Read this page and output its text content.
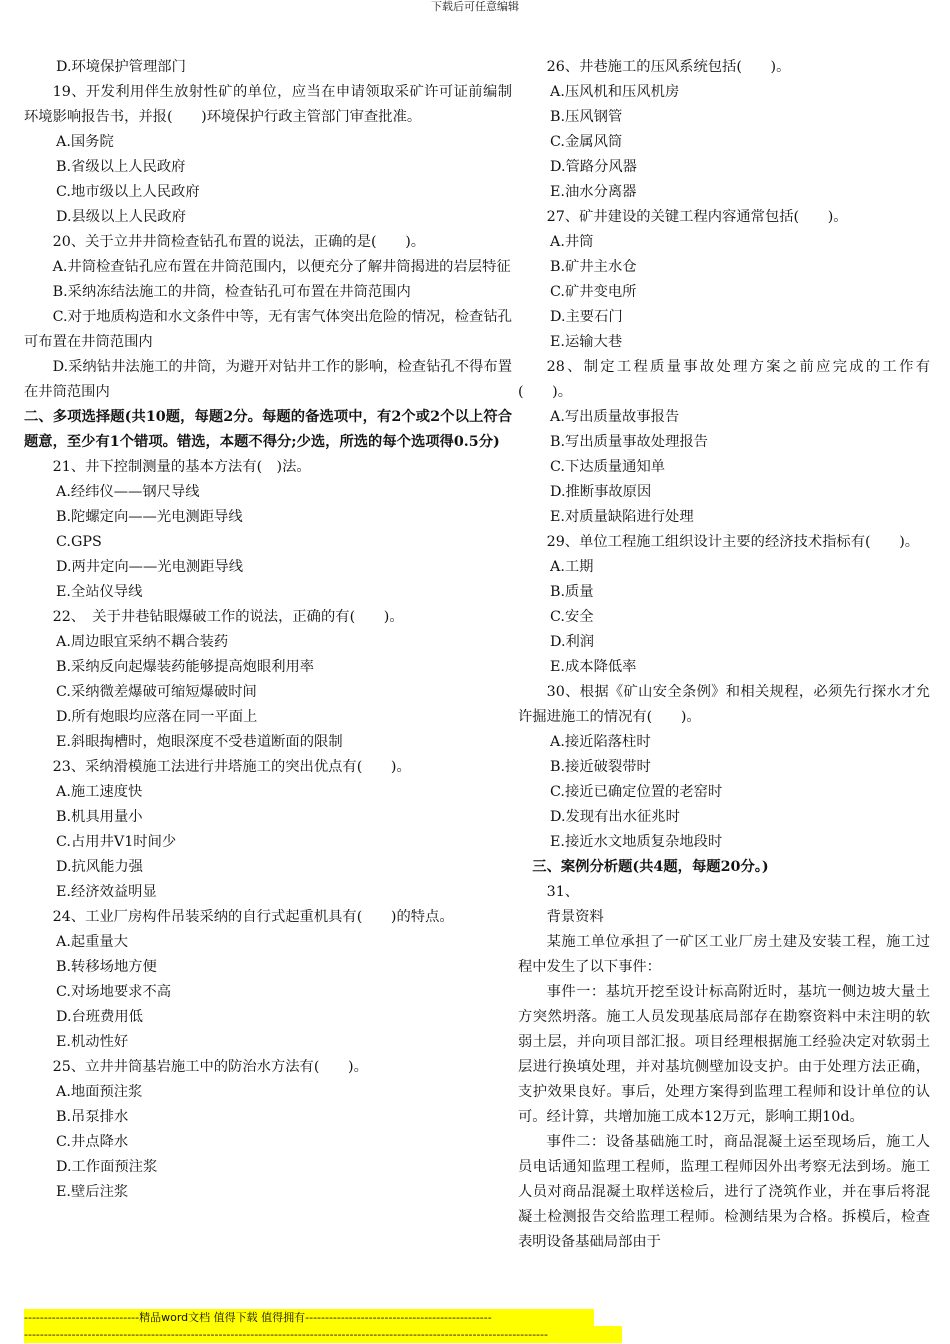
下载后可任意编辑

D.环境保护管理部门

19、开发利用伴生放射性矿的单位，应当在申请领取采矿许可证前编制环境影响报告书，并报(　　)环境保护行政主管部门审查批准。

A.国务院

B.省级以上人民政府

C.地市级以上人民政府

D.县级以上人民政府

20、关于立井井筒检查钻孔布置的说法，正确的是(　　)。

A.井筒检查钻孔应布置在井筒范围内，以便充分了解井筒揭进的岩层特征

B.采纳冻结法施工的井筒，检查钻孔可布置在井筒范围内

C.对于地质构造和水文条件中等，无有害气体突出危险的情况，检查钻孔可布置在井筒范围内

D.采纳钻井法施工的井筒，为避开对钻井工作的影响，检查钻孔不得布置在井筒范围内

二、多项选择题(共10题，每题2分。每题的备选项中，有2个或2个以上符合题意，至少有1个错项。错选，本题不得分;少选，所选的每个选项得0.5分)

21、井下控制测量的基本方法有(　)法。

A.经纬仪——钢尺导线

B.陀螺定向——光电测距导线

C.GPS

D.两井定向——光电测距导线

E.全站仪导线

22、　关于井巷钻眼爆破工作的说法，正确的有(　　)。

A.周边眼宜采纳不耦合装药

B.采纳反向起爆装药能够提高炮眼利用率

C.采纳微差爆破可缩短爆破时间

D.所有炮眼均应落在同一平面上

E.斜眼掏槽时，炮眼深度不受巷道断面的限制

23、采纳滑模施工法进行井塔施工的突出优点有(　　)。

A.施工速度快

B.机具用量小

C.占用井V1时间少

D.抗风能力强

E.经济效益明显

24、工业厂房构件吊装采纳的自行式起重机具有(　　)的特点。

A.起重量大

B.转移场地方便

C.对场地要求不高

D.台班费用低

E.机动性好

25、立井井筒基岩施工中的防治水方法有(　　)。

A.地面预注浆

B.吊泵排水

C.井点降水

D.工作面预注浆

E.壁后注浆

26、井巷施工的压风系统包括(　　)。

A.压风机和压风机房

B.压风钢管

C.金属风筒

D.管路分风器

E.油水分离器

27、矿井建设的关键工程内容通常包括(　　)。

A.井筒

B.矿井主水仓

C.矿井变电所

D.主要石门

E.运输大巷

28、制定工程质量事故处理方案之前应完成的工作有(　　)。

A.写出质量故事报告

B.写出质量事故处理报告

C.下达质量通知单

D.推断事故原因

E.对质量缺陷进行处理

29、单位工程施工组织设计主要的经济技术指标有(　　)。

A.工期

B.质量

C.安全

D.利润

E.成本降低率

30、根据《矿山安全条例》和相关规程，必须先行探水才允许掘进施工的情况有(　　)。

A.接近陷落柱时

B.接近破裂带时

C.接近已确定位置的老窑时

D.发现有出水征兆时

E.接近水文地质复杂地段时

　三、案例分析题(共4题，每题20分。)

31、

背景资料

某施工单位承担了一矿区工业厂房土建及安装工程，施工过程中发生了以下事件：

事件一：基坑开挖至设计标高附近时，基坑一侧边坡大量土方突然坍落。施工人员发现基底局部存在勘察资料中未注明的软弱土层，并向项目部汇报。项目经理根据施工经验决定对软弱土层进行换填处理，并对基坑侧壁加设支护。由于处理方法正确，支护效果良好。事后，处理方案得到监理工程师和设计单位的认可。经计算，共增加施工成本12万元，影响工期10d。

事件二：设备基础施工时，商品混凝土运至现场后，施工人员电话通知监理工程师，监理工程师因外出考察无法到场。施工人员对商品混凝土取样送检后，进行了浇筑作业，并在事后将混凝土检测报告交给监理工程师。检测结果为合格。拆模后，检查表明设备基础局部由于

-----------------------------精品word文档 值得下载 值得拥有-----------------------------------------------
------------------------------------------------------------------------------------------------------------------------------------
